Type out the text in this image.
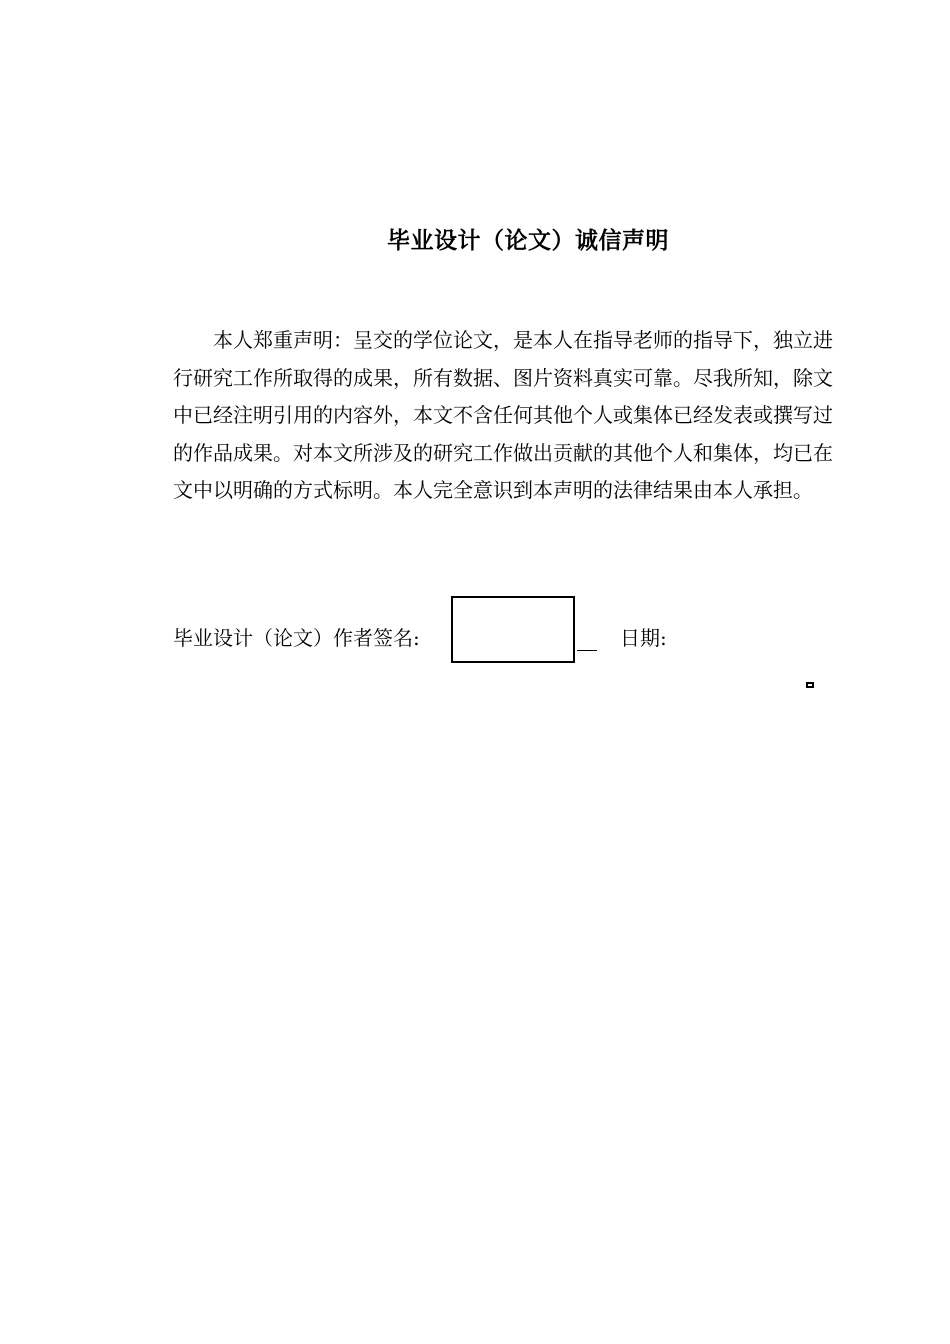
毕业设计（论文）诚信声明

本人郑重声明：呈交的学位论文，是本人在指导老师的指导下，独立进行研究工作所取得的成果，所有数据、图片资料真实可靠。尽我所知，除文中已经注明引用的内容外，本文不含任何其他个人或集体已经发表或撰写过的作品成果。对本文所涉及的研究工作做出贡献的其他个人和集体，均已在文中以明确的方式标明。本人完全意识到本声明的法律结果由本人承担。

毕业设计（论文）作者签名:	日期:
